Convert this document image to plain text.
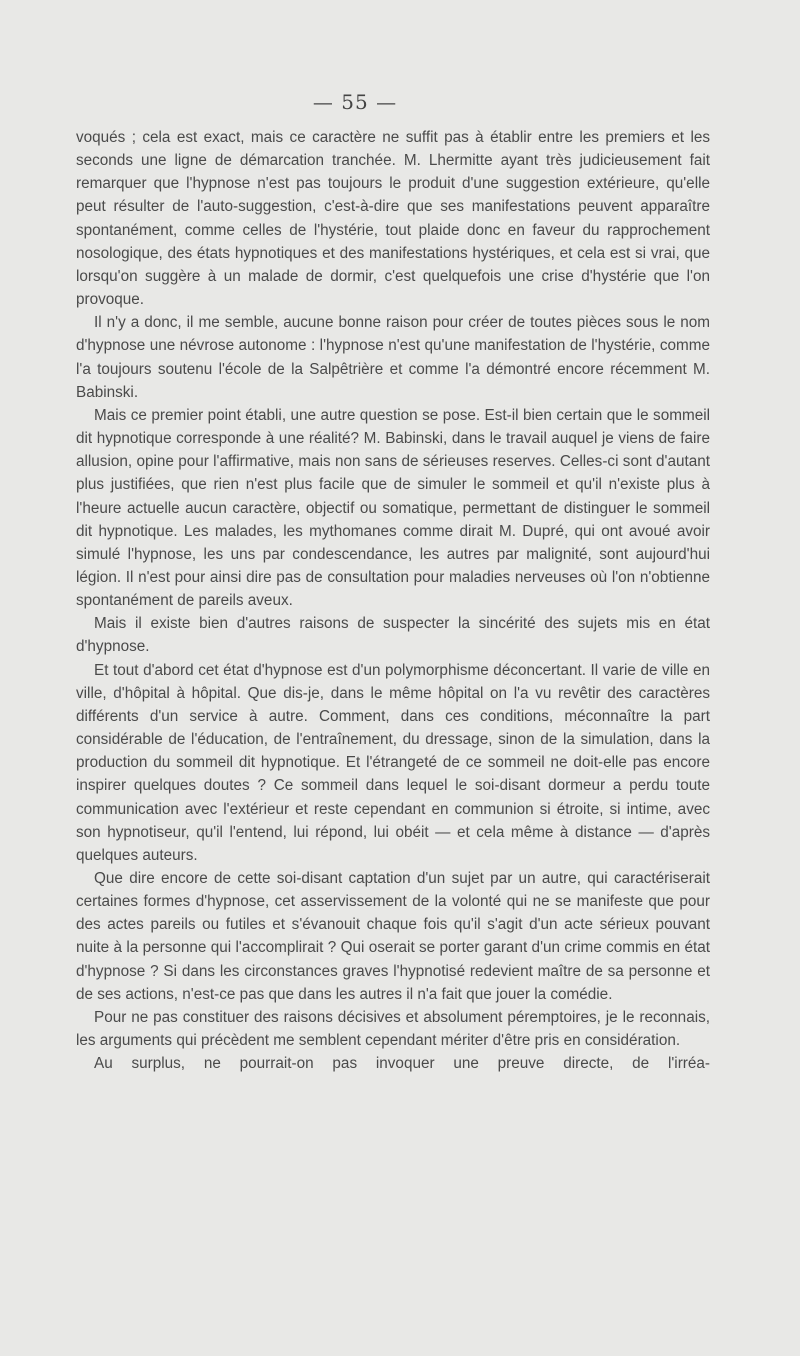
— 55 —

voqués ; cela est exact, mais ce caractère ne suffit pas à établir entre les premiers et les seconds une ligne de démarcation tranchée. M. Lhermitte ayant très judicieusement fait remarquer que l'hypnose n'est pas toujours le produit d'une suggestion extérieure, qu'elle peut résulter de l'auto-suggestion, c'est-à-dire que ses manifestations peuvent apparaître spontanément, comme celles de l'hystérie, tout plaide donc en faveur du rapprochement nosologique, des états hypnotiques et des manifestations hystériques, et cela est si vrai, que lorsqu'on suggère à un malade de dormir, c'est quelquefois une crise d'hystérie que l'on provoque.

Il n'y a donc, il me semble, aucune bonne raison pour créer de toutes pièces sous le nom d'hypnose une névrose autonome : l'hypnose n'est qu'une manifestation de l'hystérie, comme l'a toujours soutenu l'école de la Salpêtrière et comme l'a démontré encore récemment M. Babinski.

Mais ce premier point établi, une autre question se pose. Est-il bien certain que le sommeil dit hypnotique corresponde à une réalité? M. Babinski, dans le travail auquel je viens de faire allusion, opine pour l'affirmative, mais non sans de sérieuses reserves. Celles-ci sont d'autant plus justifiées, que rien n'est plus facile que de simuler le sommeil et qu'il n'existe plus à l'heure actuelle aucun caractère, objectif ou somatique, permettant de distinguer le sommeil dit hypnotique. Les malades, les mythomanes comme dirait M. Dupré, qui ont avoué avoir simulé l'hypnose, les uns par condescendance, les autres par malignité, sont aujourd'hui légion. Il n'est pour ainsi dire pas de consultation pour maladies nerveuses où l'on n'obtienne spontanément de pareils aveux.

Mais il existe bien d'autres raisons de suspecter la sincérité des sujets mis en état d'hypnose.

Et tout d'abord cet état d'hypnose est d'un polymorphisme déconcertant. Il varie de ville en ville, d'hôpital à hôpital. Que dis-je, dans le même hôpital on l'a vu revêtir des caractères différents d'un service à autre. Comment, dans ces conditions, méconnaître la part considérable de l'éducation, de l'entraînement, du dressage, sinon de la simulation, dans la production du sommeil dit hypnotique. Et l'étrangeté de ce sommeil ne doit-elle pas encore inspirer quelques doutes ? Ce sommeil dans lequel le soi-disant dormeur a perdu toute communication avec l'extérieur et reste cependant en communion si étroite, si intime, avec son hypnotiseur, qu'il l'entend, lui répond, lui obéit — et cela même à distance — d'après quelques auteurs.

Que dire encore de cette soi-disant captation d'un sujet par un autre, qui caractériserait certaines formes d'hypnose, cet asservissement de la volonté qui ne se manifeste que pour des actes pareils ou futiles et s'évanouit chaque fois qu'il s'agit d'un acte sérieux pouvant nuite à la personne qui l'accomplirait ? Qui oserait se porter garant d'un crime commis en état d'hypnose ? Si dans les circonstances graves l'hypnotisé redevient maître de sa personne et de ses actions, n'est-ce pas que dans les autres il n'a fait que jouer la comédie.

Pour ne pas constituer des raisons décisives et absolument péremptoires, je le reconnais, les arguments qui précèdent me semblent cependant mériter d'être pris en considération.

Au surplus, ne pourrait-on pas invoquer une preuve directe, de l'irréa-
